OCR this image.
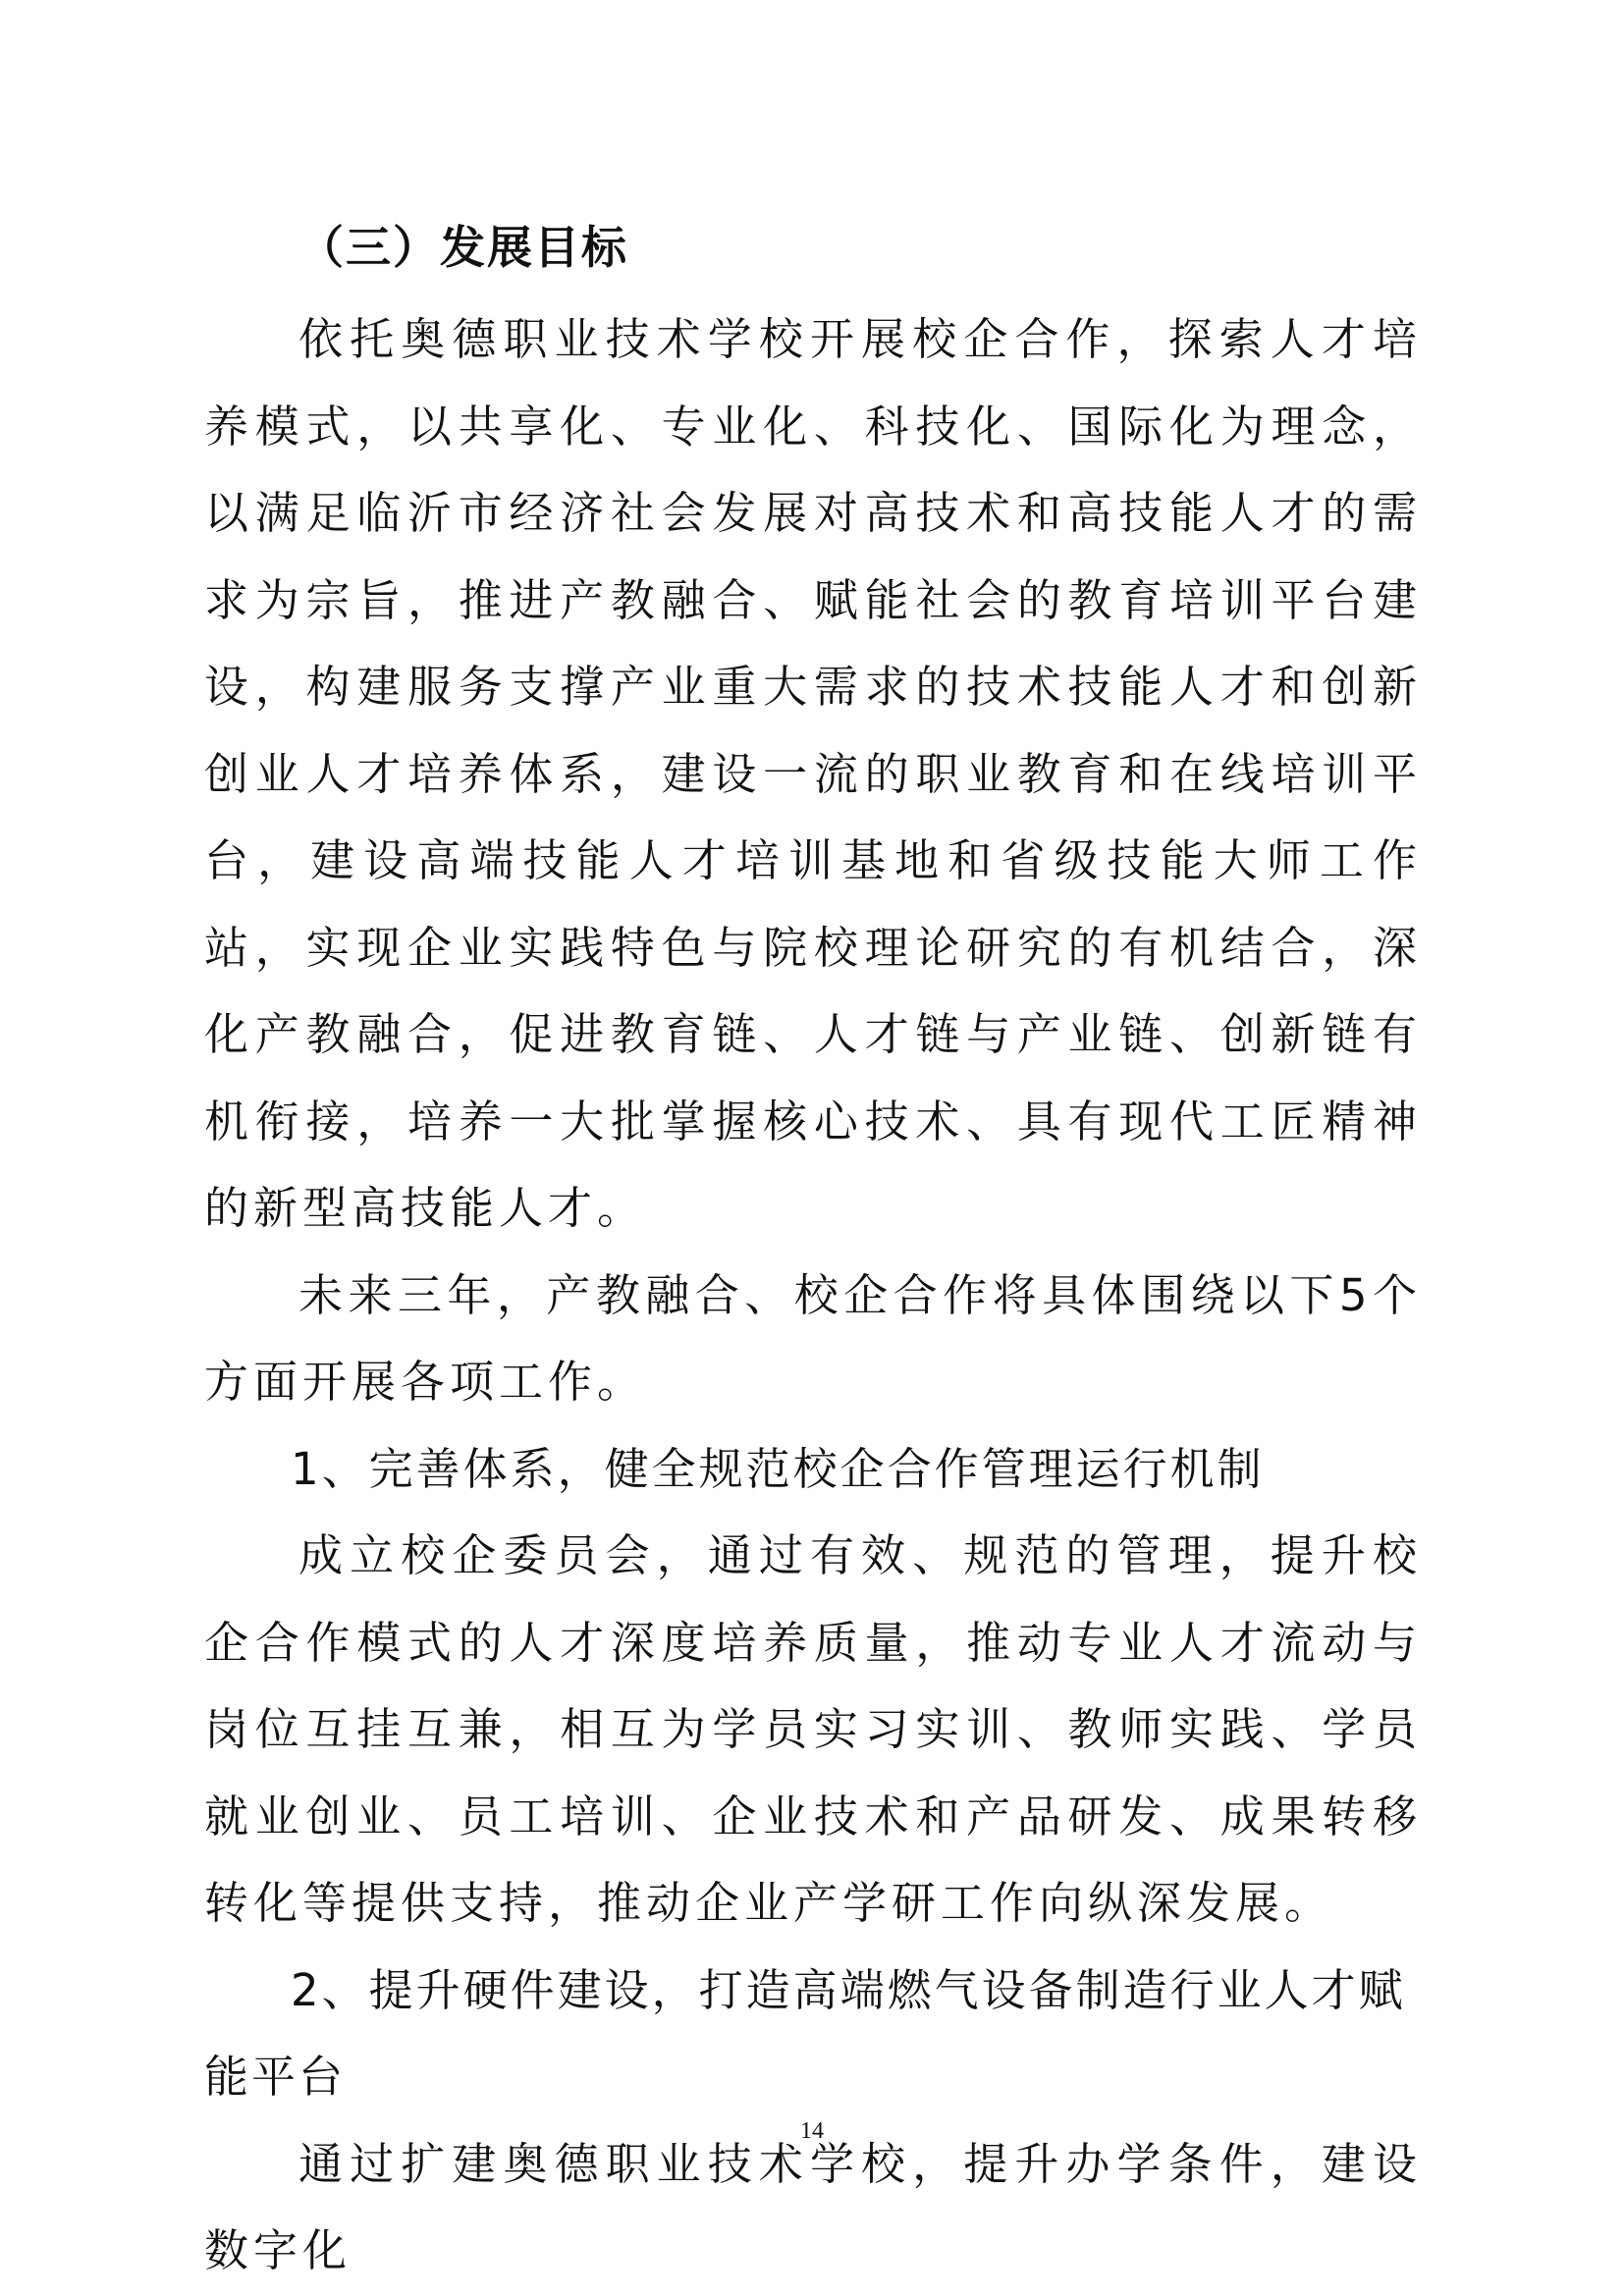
（三）发展目标

依托奥德职业技术学校开展校企合作，探索人才培养模式，以共享化、专业化、科技化、国际化为理念，以满足临沂市经济社会发展对高技术和高技能人才的需求为宗旨，推进产教融合、赋能社会的教育培训平台建设，构建服务支撑产业重大需求的技术技能人才和创新创业人才培养体系，建设一流的职业教育和在线培训平台，建设高端技能人才培训基地和省级技能大师工作站，实现企业实践特色与院校理论研究的有机结合，深化产教融合，促进教育链、人才链与产业链、创新链有机衔接，培养一大批掌握核心技术、具有现代工匠精神的新型高技能人才。

未来三年，产教融合、校企合作将具体围绕以下5个方面开展各项工作。

1、完善体系，健全规范校企合作管理运行机制

成立校企委员会，通过有效、规范的管理，提升校企合作模式的人才深度培养质量，推动专业人才流动与岗位互挂互兼，相互为学员实习实训、教师实践、学员就业创业、员工培训、企业技术和产品研发、成果转移转化等提供支持，推动企业产学研工作向纵深发展。

2、提升硬件建设，打造高端燃气设备制造行业人才赋能平台

通过扩建奥德职业技术学校，提升办学条件，建设数字化

14
